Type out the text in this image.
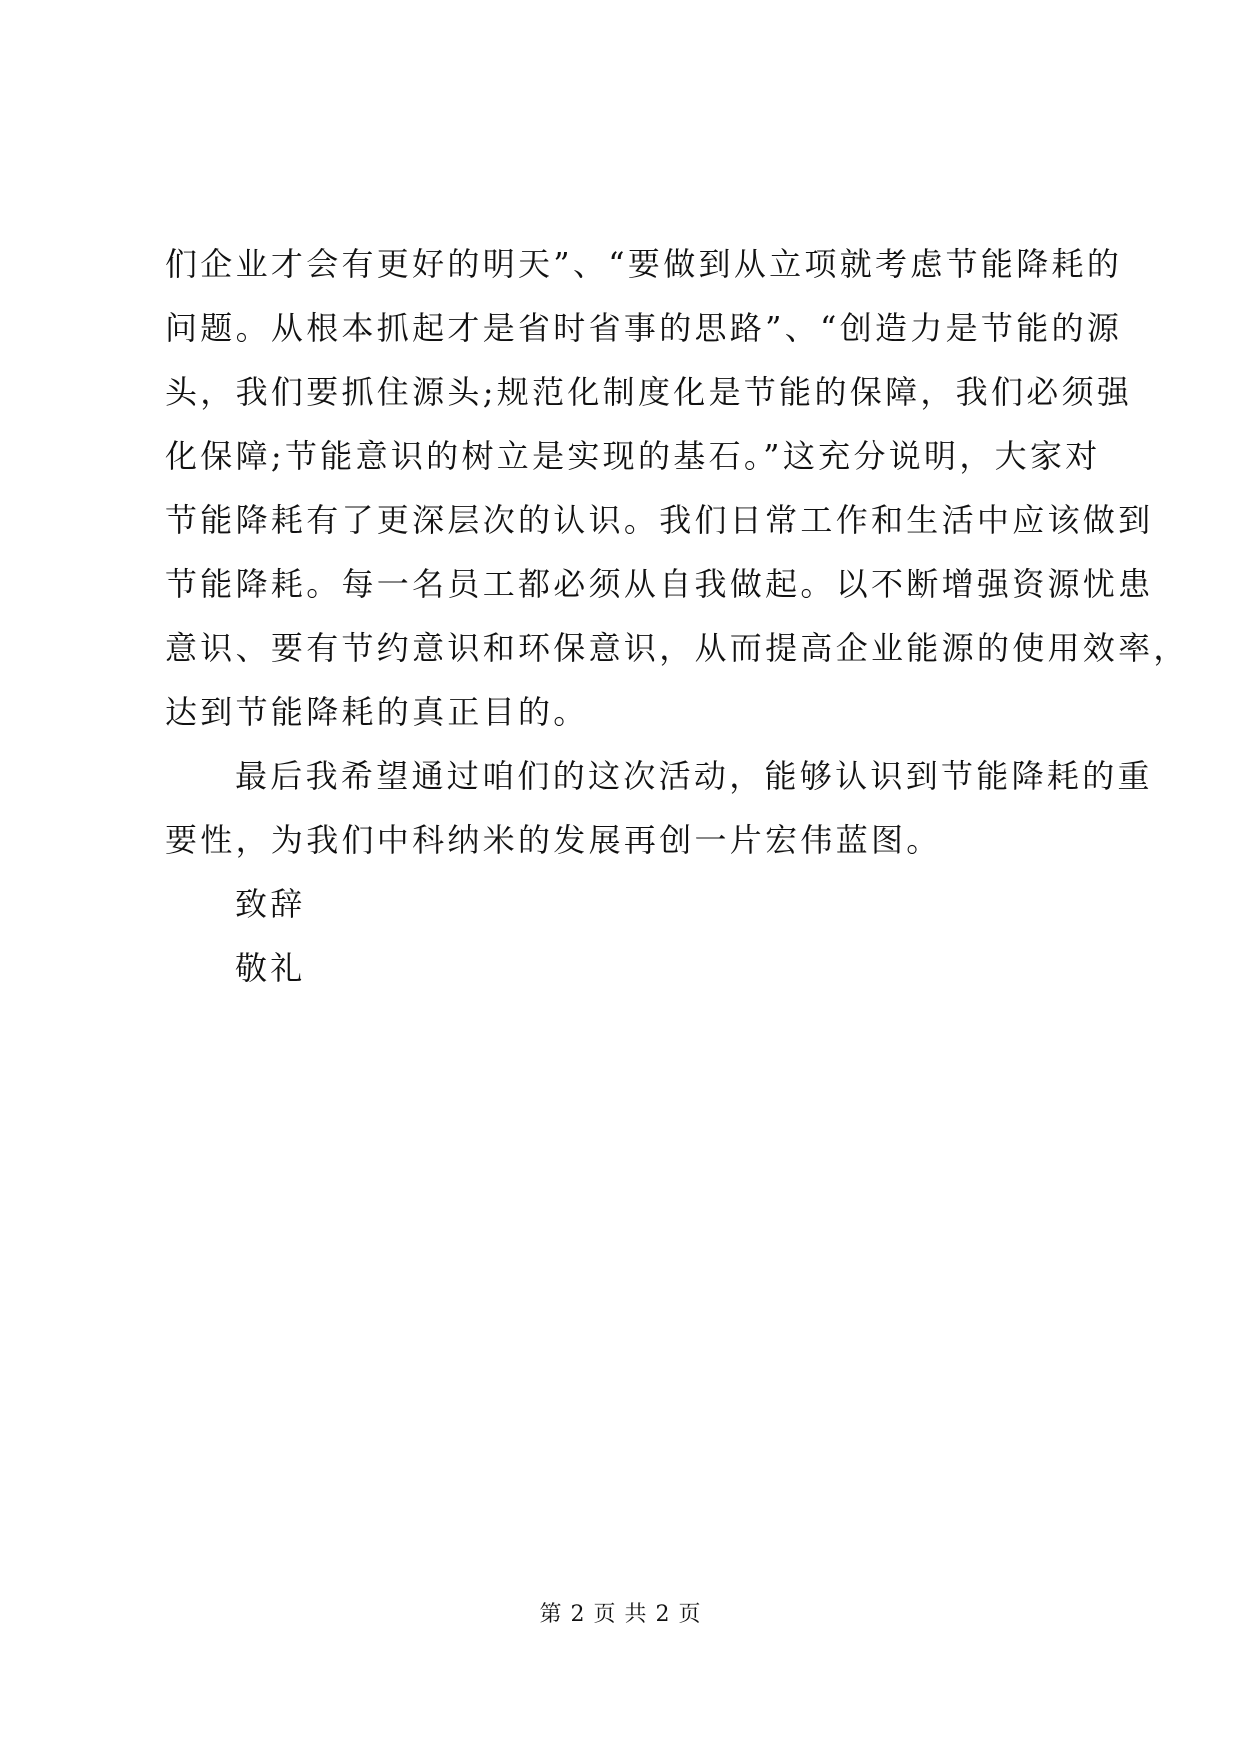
们企业才会有更好的明天”、“要做到从立项就考虑节能降耗的
问题。从根本抓起才是省时省事的思路”、“创造力是节能的源
头，我们要抓住源头;规范化制度化是节能的保障，我们必须强
化保障;节能意识的树立是实现的基石。”这充分说明，大家对
节能降耗有了更深层次的认识。我们日常工作和生活中应该做到
节能降耗。每一名员工都必须从自我做起。以不断增强资源忧患
意识、要有节约意识和环保意识，从而提高企业能源的使用效率，
达到节能降耗的真正目的。
最后我希望通过咱们的这次活动，能够认识到节能降耗的重
要性，为我们中科纳米的发展再创一片宏伟蓝图。
致辞
敬礼
第 2 页 共 2 页
